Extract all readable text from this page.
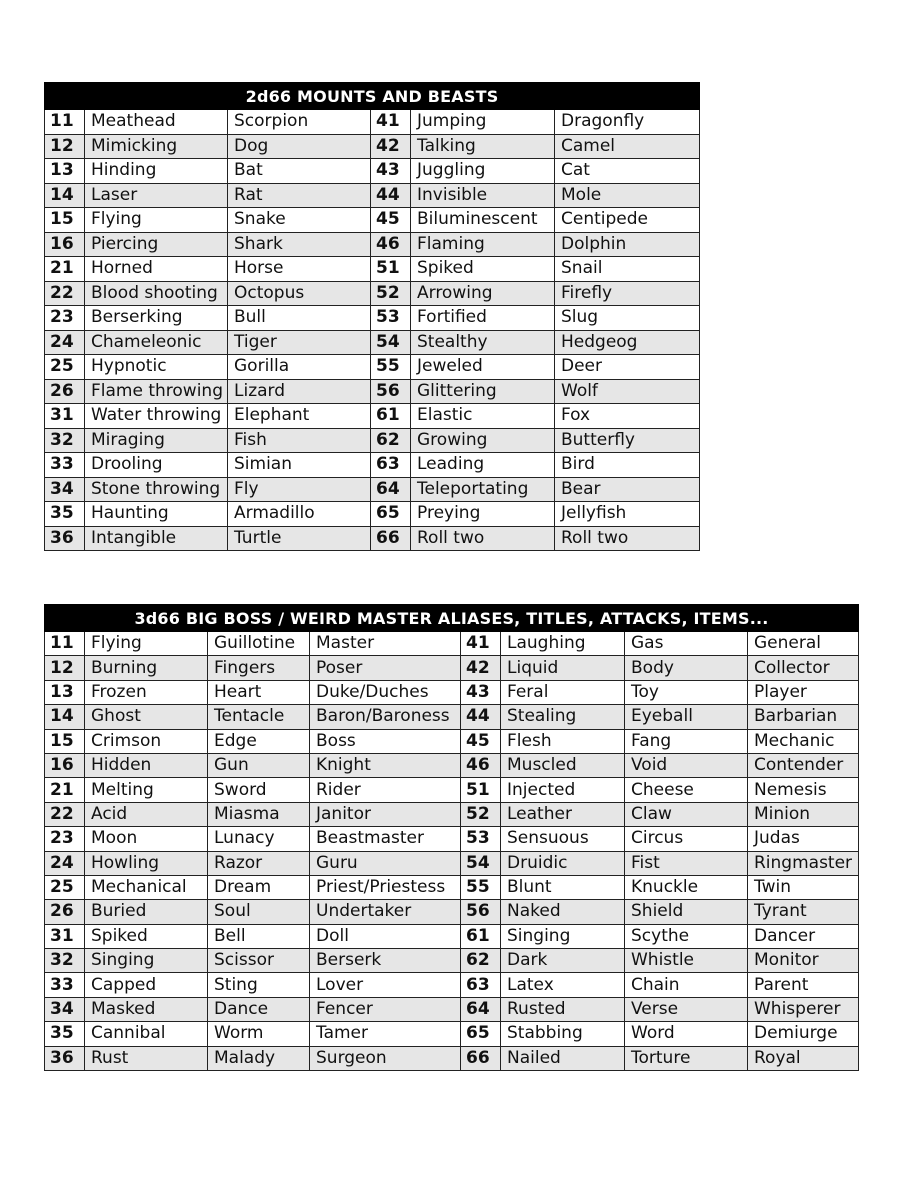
2d66 MOUNTS AND BEASTS					
11	Meathead	Scorpion	41	Jumping	Dragonfly
12	Mimicking	Dog	42	Talking	Camel
13	Hinding	Bat	43	Juggling	Cat
14	Laser	Rat	44	Invisible	Mole
15	Flying	Snake	45	Biluminescent	Centipede
16	Piercing	Shark	46	Flaming	Dolphin
21	Horned	Horse	51	Spiked	Snail
22	Blood shooting	Octopus	52	Arrowing	Firefly
23	Berserking	Bull	53	Fortified	Slug
24	Chameleonic	Tiger	54	Stealthy	Hedgeog
25	Hypnotic	Gorilla	55	Jeweled	Deer
26	Flame throwing	Lizard	56	Glittering	Wolf
31	Water throwing	Elephant	61	Elastic	Fox
32	Miraging	Fish	62	Growing	Butterfly
33	Drooling	Simian	63	Leading	Bird
34	Stone throwing	Fly	64	Teleportating	Bear
35	Haunting	Armadillo	65	Preying	Jellyfish
36	Intangible	Turtle	66	Roll two	Roll two
3d66 BIG BOSS / WEIRD MASTER ALIASES, TITLES, ATTACKS, ITEMS...							
11	Flying	Guillotine	Master	41	Laughing	Gas	General
12	Burning	Fingers	Poser	42	Liquid	Body	Collector
13	Frozen	Heart	Duke/Duches	43	Feral	Toy	Player
14	Ghost	Tentacle	Baron/Baroness	44	Stealing	Eyeball	Barbarian
15	Crimson	Edge	Boss	45	Flesh	Fang	Mechanic
16	Hidden	Gun	Knight	46	Muscled	Void	Contender
21	Melting	Sword	Rider	51	Injected	Cheese	Nemesis
22	Acid	Miasma	Janitor	52	Leather	Claw	Minion
23	Moon	Lunacy	Beastmaster	53	Sensuous	Circus	Judas
24	Howling	Razor	Guru	54	Druidic	Fist	Ringmaster
25	Mechanical	Dream	Priest/Priestess	55	Blunt	Knuckle	Twin
26	Buried	Soul	Undertaker	56	Naked	Shield	Tyrant
31	Spiked	Bell	Doll	61	Singing	Scythe	Dancer
32	Singing	Scissor	Berserk	62	Dark	Whistle	Monitor
33	Capped	Sting	Lover	63	Latex	Chain	Parent
34	Masked	Dance	Fencer	64	Rusted	Verse	Whisperer
35	Cannibal	Worm	Tamer	65	Stabbing	Word	Demiurge
36	Rust	Malady	Surgeon	66	Nailed	Torture	Royal
